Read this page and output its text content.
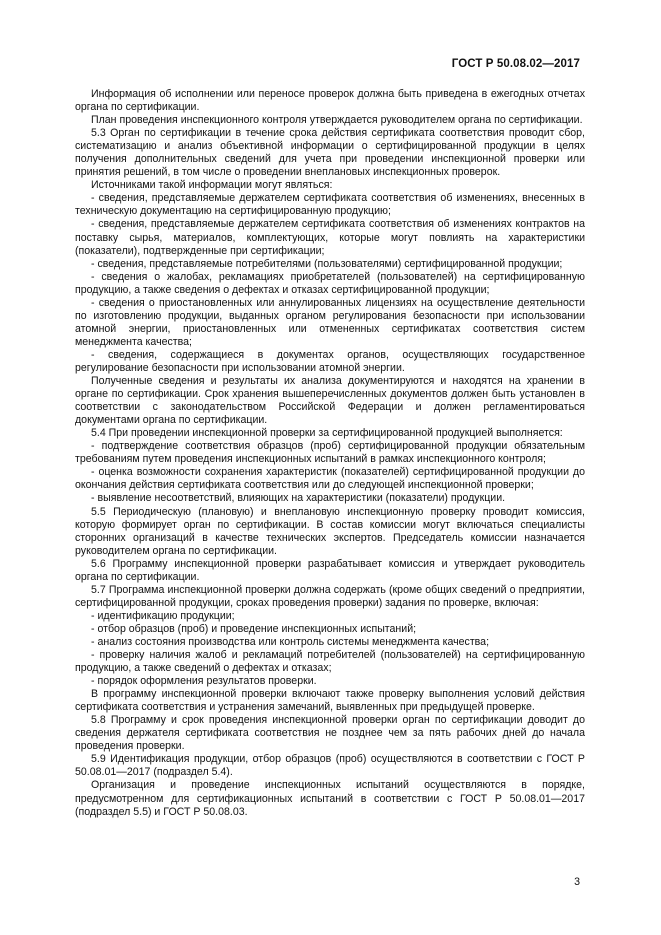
ГОСТ Р 50.08.02—2017

Информация об исполнении или переносе проверок должна быть приведена в ежегодных отчетах органа по сертификации.

План проведения инспекционного контроля утверждается руководителем органа по сертификации.

5.3 Орган по сертификации в течение срока действия сертификата соответствия проводит сбор, систематизацию и анализ объективной информации о сертифицированной продукции в целях получения дополнительных сведений для учета при проведении инспекционной проверки или принятия решений, в том числе о проведении внеплановых инспекционных проверок.

Источниками такой информации могут являться:

- сведения, представляемые держателем сертификата соответствия об изменениях, внесенных в техническую документацию на сертифицированную продукцию;

- сведения, представляемые держателем сертификата соответствия об изменениях контрактов на поставку сырья, материалов, комплектующих, которые могут повлиять на характеристики (показатели), подтвержденные при сертификации;

- сведения, представляемые потребителями (пользователями) сертифицированной продукции;

- сведения о жалобах, рекламациях приобретателей (пользователей) на сертифицированную продукцию, а также сведения о дефектах и отказах сертифицированной продукции;

- сведения о приостановленных или аннулированных лицензиях на осуществление деятельности по изготовлению продукции, выданных органом регулирования безопасности при использовании атомной энергии, приостановленных или отмененных сертификатах соответствия систем менеджмента качества;

- сведения, содержащиеся в документах органов, осуществляющих государственное регулирование безопасности при использовании атомной энергии.

Полученные сведения и результаты их анализа документируются и находятся на хранении в органе по сертификации. Срок хранения вышеперечисленных документов должен быть установлен в соответствии с законодательством Российской Федерации и должен регламентироваться документами органа по сертификации.

5.4 При проведении инспекционной проверки за сертифицированной продукцией выполняется:

- подтверждение соответствия образцов (проб) сертифицированной продукции обязательным требованиям путем проведения инспекционных испытаний в рамках инспекционного контроля;

- оценка возможности сохранения характеристик (показателей) сертифицированной продукции до окончания действия сертификата соответствия или до следующей инспекционной проверки;

- выявление несоответствий, влияющих на характеристики (показатели) продукции.

5.5 Периодическую (плановую) и внеплановую инспекционную проверку проводит комиссия, которую формирует орган по сертификации. В состав комиссии могут включаться специалисты сторонних организаций в качестве технических экспертов. Председатель комиссии назначается руководителем органа по сертификации.

5.6 Программу инспекционной проверки разрабатывает комиссия и утверждает руководитель органа по сертификации.

5.7 Программа инспекционной проверки должна содержать (кроме общих сведений о предприятии, сертифицированной продукции, сроках проведения проверки) задания по проверке, включая:

- идентификацию продукции;

- отбор образцов (проб) и проведение инспекционных испытаний;

- анализ состояния производства или контроль системы менеджмента качества;

- проверку наличия жалоб и рекламаций потребителей (пользователей) на сертифицированную продукцию, а также сведений о дефектах и отказах;

- порядок оформления результатов проверки.

В программу инспекционной проверки включают также проверку выполнения условий действия сертификата соответствия и устранения замечаний, выявленных при предыдущей проверке.

5.8 Программу и срок проведения инспекционной проверки орган по сертификации доводит до сведения держателя сертификата соответствия не позднее чем за пять рабочих дней до начала проведения проверки.

5.9 Идентификация продукции, отбор образцов (проб) осуществляются в соответствии с ГОСТ Р 50.08.01—2017 (подраздел 5.4).

Организация и проведение инспекционных испытаний осуществляются в порядке, предусмотренном для сертификационных испытаний в соответствии с ГОСТ Р 50.08.01—2017 (подраздел 5.5) и ГОСТ Р 50.08.03.

3
